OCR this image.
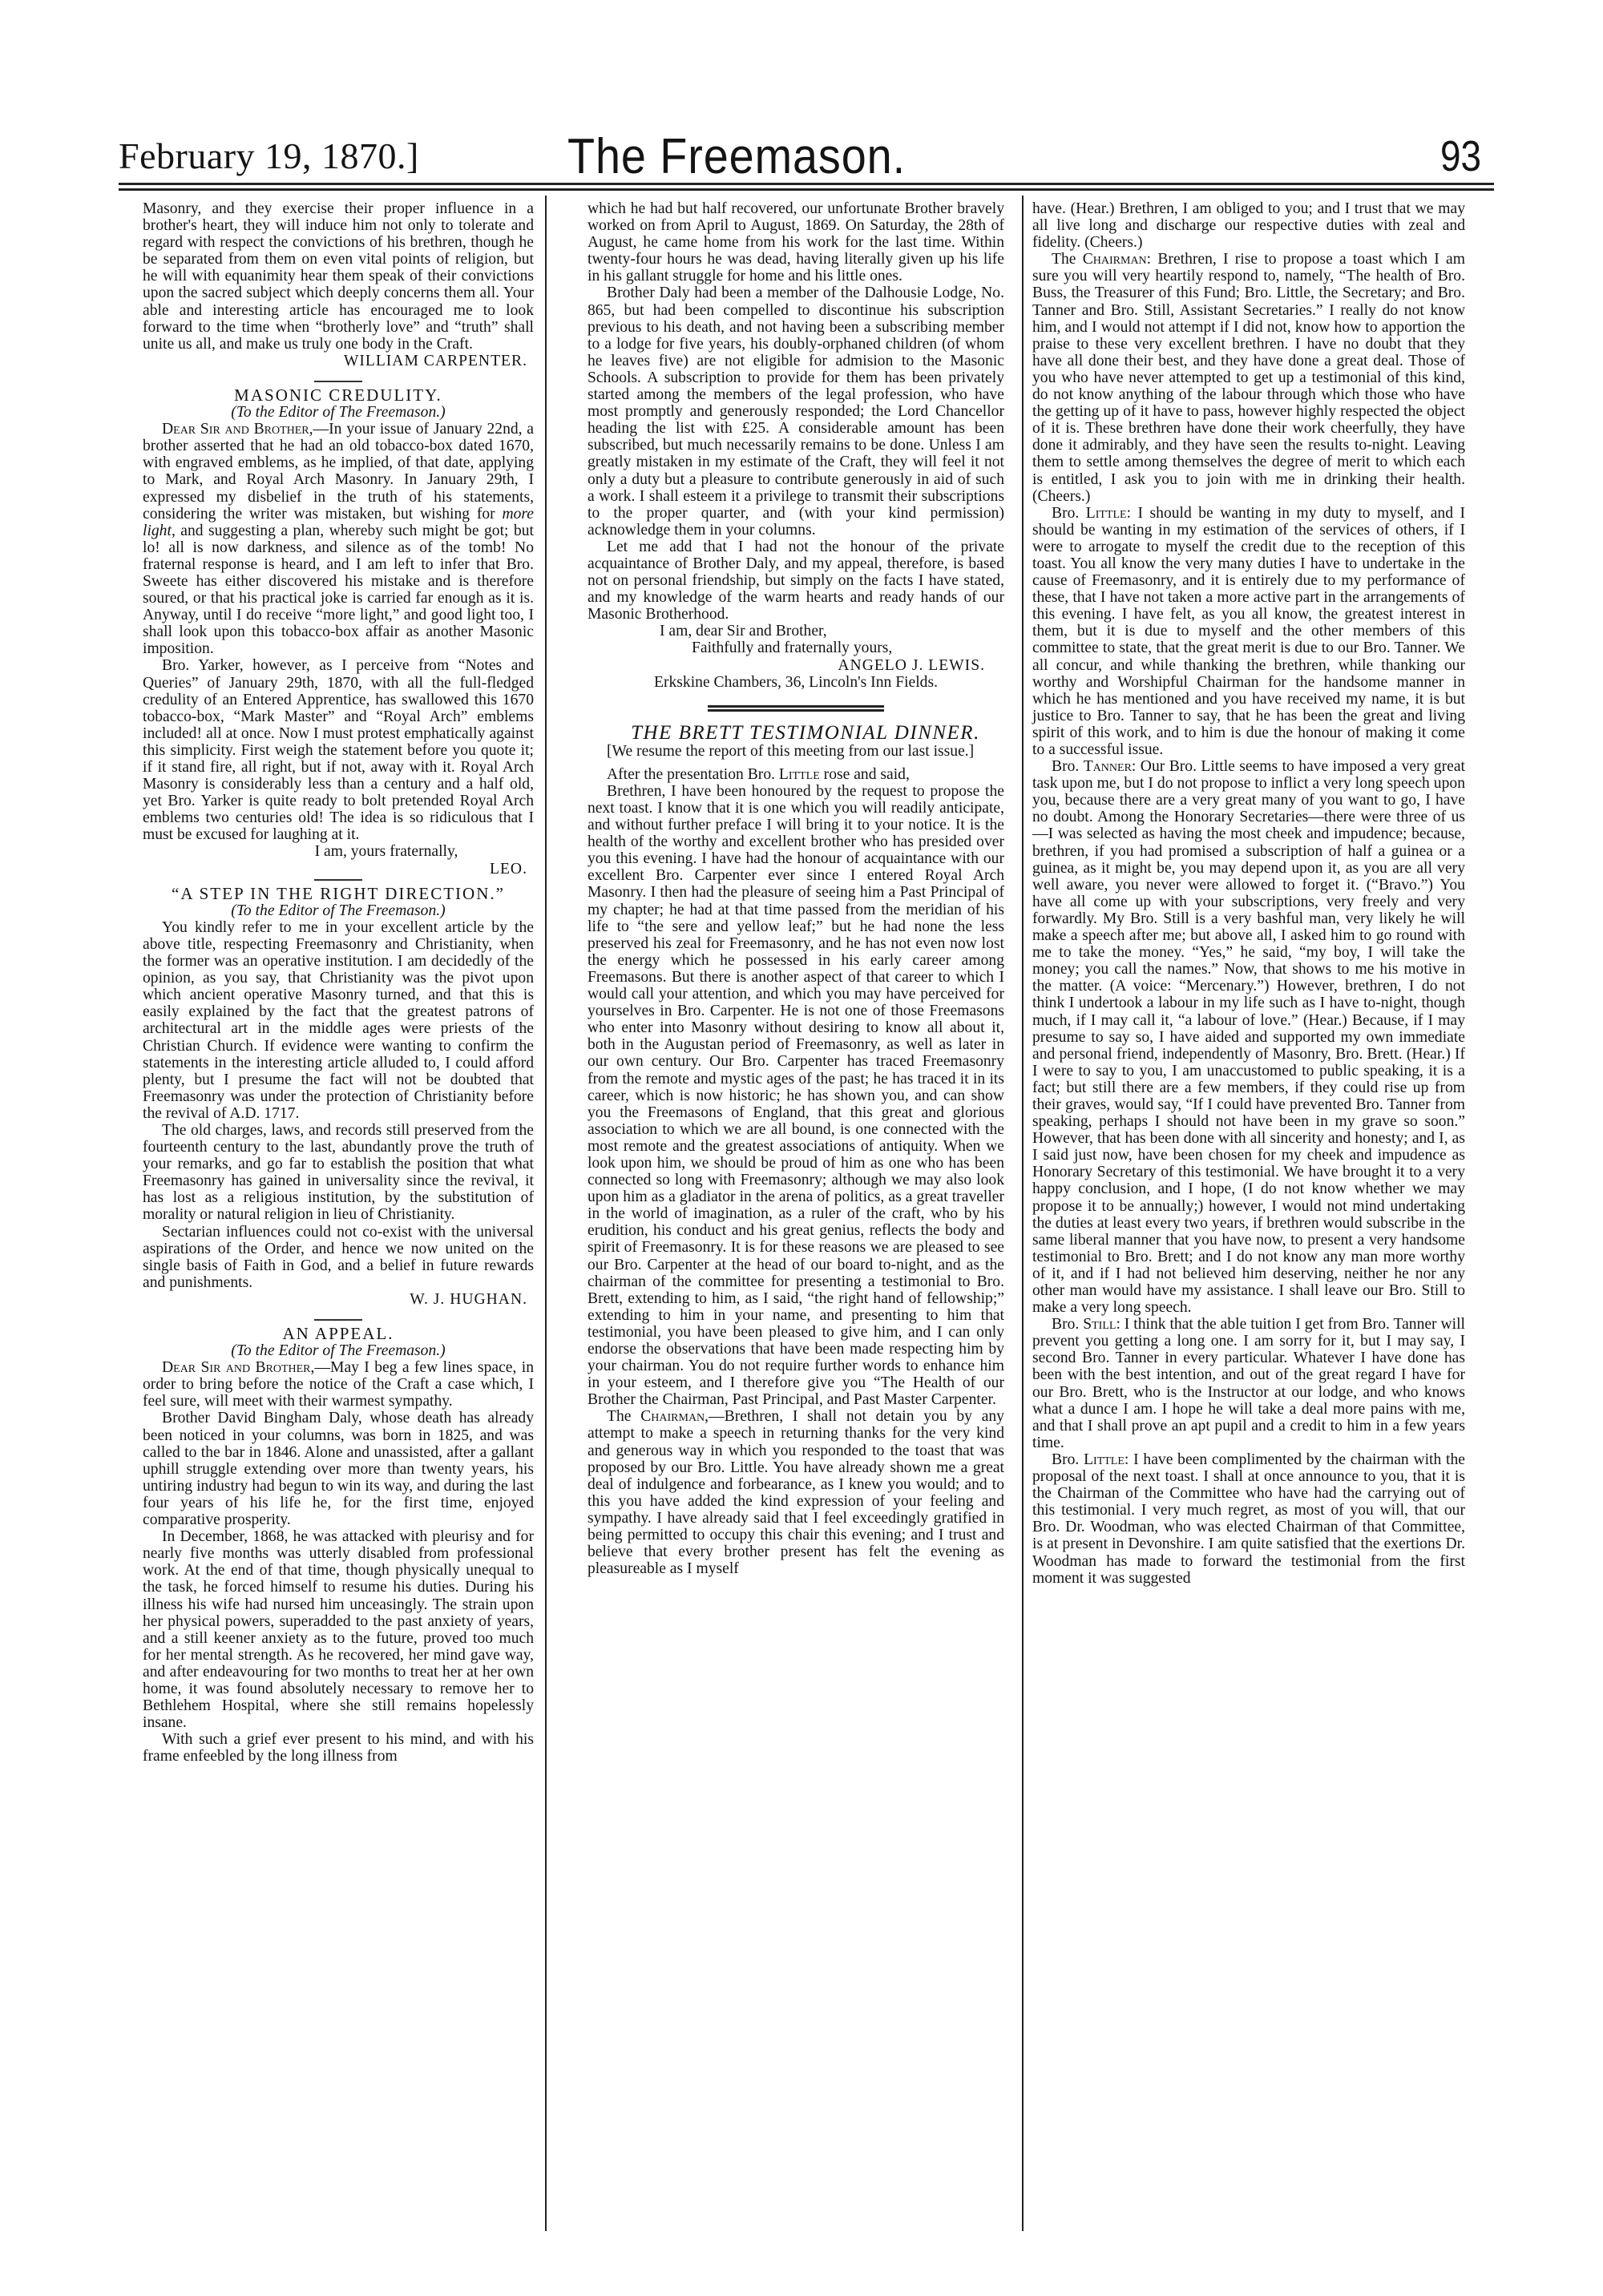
February 19, 1870.]	The Freemason.	93

Masonry, and they exercise their proper influence in a brother's heart, they will induce him not only to tolerate and regard with respect the convictions of his brethren, though he be separated from them on even vital points of religion, but he will with equanimity hear them speak of their convictions upon the sacred subject which deeply concerns them all. Your able and interesting article has encouraged me to look forward to the time when “brotherly love” and “truth” shall unite us all, and make us truly one body in the Craft.

WILLIAM CARPENTER.

MASONIC CREDULITY.

(To the Editor of The Freemason.)

Dear Sir and Brother,—In your issue of January 22nd, a brother asserted that he had an old tobacco-box dated 1670, with engraved emblems, as he implied, of that date, applying to Mark, and Royal Arch Masonry. In January 29th, I expressed my disbelief in the truth of his statements, considering the writer was mistaken, but wishing for more light, and suggesting a plan, whereby such might be got; but lo! all is now darkness, and silence as of the tomb! No fraternal response is heard, and I am left to infer that Bro. Sweete has either discovered his mistake and is therefore soured, or that his practical joke is carried far enough as it is. Anyway, until I do receive “more light,” and good light too, I shall look upon this tobacco-box affair as another Masonic imposition.

Bro. Yarker, however, as I perceive from “Notes and Queries” of January 29th, 1870, with all the full-fledged credulity of an Entered Apprentice, has swallowed this 1670 tobacco-box, “Mark Master” and “Royal Arch” emblems included! all at once. Now I must protest emphatically against this simplicity. First weigh the statement before you quote it; if it stand fire, all right, but if not, away with it. Royal Arch Masonry is considerably less than a century and a half old, yet Bro. Yarker is quite ready to bolt pretended Royal Arch emblems two centuries old! The idea is so ridiculous that I must be excused for laughing at it.

I am, yours fraternally,

LEO.

“A STEP IN THE RIGHT DIRECTION.”

(To the Editor of The Freemason.)

You kindly refer to me in your excellent article by the above title, respecting Freemasonry and Christianity, when the former was an operative institution. I am decidedly of the opinion, as you say, that Christianity was the pivot upon which ancient operative Masonry turned, and that this is easily explained by the fact that the greatest patrons of architectural art in the middle ages were priests of the Christian Church. If evidence were wanting to confirm the statements in the interesting article alluded to, I could afford plenty, but I presume the fact will not be doubted that Freemasonry was under the protection of Christianity before the revival of A.D. 1717.

The old charges, laws, and records still preserved from the fourteenth century to the last, abundantly prove the truth of your remarks, and go far to establish the position that what Freemasonry has gained in universality since the revival, it has lost as a religious institution, by the substitution of morality or natural religion in lieu of Christianity.

Sectarian influences could not co-exist with the universal aspirations of the Order, and hence we now united on the single basis of Faith in God, and a belief in future rewards and punishments.

W. J. HUGHAN.

AN APPEAL.

(To the Editor of The Freemason.)

Dear Sir and Brother,—May I beg a few lines space, in order to bring before the notice of the Craft a case which, I feel sure, will meet with their warmest sympathy.

Brother David Bingham Daly, whose death has already been noticed in your columns, was born in 1825, and was called to the bar in 1846. Alone and unassisted, after a gallant uphill struggle extending over more than twenty years, his untiring industry had begun to win its way, and during the last four years of his life he, for the first time, enjoyed comparative prosperity.

In December, 1868, he was attacked with pleurisy and for nearly five months was utterly disabled from professional work. At the end of that time, though physically unequal to the task, he forced himself to resume his duties. During his illness his wife had nursed him unceasingly. The strain upon her physical powers, superadded to the past anxiety of years, and a still keener anxiety as to the future, proved too much for her mental strength. As he recovered, her mind gave way, and after endeavouring for two months to treat her at her own home, it was found absolutely necessary to remove her to Bethlehem Hospital, where she still remains hopelessly insane.

With such a grief ever present to his mind, and with his frame enfeebled by the long illness from

which he had but half recovered, our unfortunate Brother bravely worked on from April to August, 1869. On Saturday, the 28th of August, he came home from his work for the last time. Within twenty-four hours he was dead, having literally given up his life in his gallant struggle for home and his little ones.

Brother Daly had been a member of the Dalhousie Lodge, No. 865, but had been compelled to discontinue his subscription previous to his death, and not having been a subscribing member to a lodge for five years, his doubly-orphaned children (of whom he leaves five) are not eligible for admision to the Masonic Schools. A subscription to provide for them has been privately started among the members of the legal profession, who have most promptly and generously responded; the Lord Chancellor heading the list with £25. A considerable amount has been subscribed, but much necessarily remains to be done. Unless I am greatly mistaken in my estimate of the Craft, they will feel it not only a duty but a pleasure to contribute generously in aid of such a work. I shall esteem it a privilege to transmit their subscriptions to the proper quarter, and (with your kind permission) acknowledge them in your columns.

Let me add that I had not the honour of the private acquaintance of Brother Daly, and my appeal, therefore, is based not on personal friendship, but simply on the facts I have stated, and my knowledge of the warm hearts and ready hands of our Masonic Brotherhood.

I am, dear Sir and Brother,

Faithfully and fraternally yours,

ANGELO J. LEWIS.

Erkskine Chambers, 36, Lincoln's Inn Fields.

THE BRETT TESTIMONIAL DINNER.

[We resume the report of this meeting from our last issue.]

After the presentation Bro. Little rose and said,

Brethren, I have been honoured by the request to propose the next toast. I know that it is one which you will readily anticipate, and without further preface I will bring it to your notice. It is the health of the worthy and excellent brother who has presided over you this evening. I have had the honour of acquaintance with our excellent Bro. Carpenter ever since I entered Royal Arch Masonry. I then had the pleasure of seeing him a Past Principal of my chapter; he had at that time passed from the meridian of his life to “the sere and yellow leaf;” but he had none the less preserved his zeal for Freemasonry, and he has not even now lost the energy which he possessed in his early career among Freemasons. But there is another aspect of that career to which I would call your attention, and which you may have perceived for yourselves in Bro. Carpenter. He is not one of those Freemasons who enter into Masonry without desiring to know all about it, both in the Augustan period of Freemasonry, as well as later in our own century. Our Bro. Carpenter has traced Freemasonry from the remote and mystic ages of the past; he has traced it in its career, which is now historic; he has shown you, and can show you the Freemasons of England, that this great and glorious association to which we are all bound, is one connected with the most remote and the greatest associations of antiquity. When we look upon him, we should be proud of him as one who has been connected so long with Freemasonry; although we may also look upon him as a gladiator in the arena of politics, as a great traveller in the world of imagination, as a ruler of the craft, who by his erudition, his conduct and his great genius, reflects the body and spirit of Freemasonry. It is for these reasons we are pleased to see our Bro. Carpenter at the head of our board to-night, and as the chairman of the committee for presenting a testimonial to Bro. Brett, extending to him, as I said, “the right hand of fellowship;” extending to him in your name, and presenting to him that testimonial, you have been pleased to give him, and I can only endorse the observations that have been made respecting him by your chairman. You do not require further words to enhance him in your esteem, and I therefore give you “The Health of our Brother the Chairman, Past Principal, and Past Master Carpenter.

The Chairman,—Brethren, I shall not detain you by any attempt to make a speech in returning thanks for the very kind and generous way in which you responded to the toast that was proposed by our Bro. Little. You have already shown me a great deal of indulgence and forbearance, as I knew you would; and to this you have added the kind expression of your feeling and sympathy. I have already said that I feel exceedingly gratified in being permitted to occupy this chair this evening; and I trust and believe that every brother present has felt the evening as pleasureable as I myself

have. (Hear.) Brethren, I am obliged to you; and I trust that we may all live long and discharge our respective duties with zeal and fidelity. (Cheers.)

The Chairman: Brethren, I rise to propose a toast which I am sure you will very heartily respond to, namely, “The health of Bro. Buss, the Treasurer of this Fund; Bro. Little, the Secretary; and Bro. Tanner and Bro. Still, Assistant Secretaries.” I really do not know him, and I would not attempt if I did not, know how to apportion the praise to these very excellent brethren. I have no doubt that they have all done their best, and they have done a great deal. Those of you who have never attempted to get up a testimonial of this kind, do not know anything of the labour through which those who have the getting up of it have to pass, however highly respected the object of it is. These brethren have done their work cheerfully, they have done it admirably, and they have seen the results to-night. Leaving them to settle among themselves the degree of merit to which each is entitled, I ask you to join with me in drinking their health. (Cheers.)

Bro. Little: I should be wanting in my duty to myself, and I should be wanting in my estimation of the services of others, if I were to arrogate to myself the credit due to the reception of this toast. You all know the very many duties I have to undertake in the cause of Freemasonry, and it is entirely due to my performance of these, that I have not taken a more active part in the arrangements of this evening. I have felt, as you all know, the greatest interest in them, but it is due to myself and the other members of this committee to state, that the great merit is due to our Bro. Tanner. We all concur, and while thanking the brethren, while thanking our worthy and Worshipful Chairman for the handsome manner in which he has mentioned and you have received my name, it is but justice to Bro. Tanner to say, that he has been the great and living spirit of this work, and to him is due the honour of making it come to a successful issue.

Bro. Tanner: Our Bro. Little seems to have imposed a very great task upon me, but I do not propose to inflict a very long speech upon you, because there are a very great many of you want to go, I have no doubt. Among the Honorary Secretaries—there were three of us—I was selected as having the most cheek and impudence; because, brethren, if you had promised a subscription of half a guinea or a guinea, as it might be, you may depend upon it, as you are all very well aware, you never were allowed to forget it. (“Bravo.”) You have all come up with your subscriptions, very freely and very forwardly. My Bro. Still is a very bashful man, very likely he will make a speech after me; but above all, I asked him to go round with me to take the money. “Yes,” he said, “my boy, I will take the money; you call the names.” Now, that shows to me his motive in the matter. (A voice: “Mercenary.”) However, brethren, I do not think I undertook a labour in my life such as I have to-night, though much, if I may call it, “a labour of love.” (Hear.) Because, if I may presume to say so, I have aided and supported my own immediate and personal friend, independently of Masonry, Bro. Brett. (Hear.) If I were to say to you, I am unaccustomed to public speaking, it is a fact; but still there are a few members, if they could rise up from their graves, would say, “If I could have prevented Bro. Tanner from speaking, perhaps I should not have been in my grave so soon.” However, that has been done with all sincerity and honesty; and I, as I said just now, have been chosen for my cheek and impudence as Honorary Secretary of this testimonial. We have brought it to a very happy conclusion, and I hope, (I do not know whether we may propose it to be annually;) however, I would not mind undertaking the duties at least every two years, if brethren would subscribe in the same liberal manner that you have now, to present a very handsome testimonial to Bro. Brett; and I do not know any man more worthy of it, and if I had not believed him deserving, neither he nor any other man would have my assistance. I shall leave our Bro. Still to make a very long speech.

Bro. Still: I think that the able tuition I get from Bro. Tanner will prevent you getting a long one. I am sorry for it, but I may say, I second Bro. Tanner in every particular. Whatever I have done has been with the best intention, and out of the great regard I have for our Bro. Brett, who is the Instructor at our lodge, and who knows what a dunce I am. I hope he will take a deal more pains with me, and that I shall prove an apt pupil and a credit to him in a few years time.

Bro. Little: I have been complimented by the chairman with the proposal of the next toast. I shall at once announce to you, that it is the Chairman of the Committee who have had the carrying out of this testimonial. I very much regret, as most of you will, that our Bro. Dr. Woodman, who was elected Chairman of that Committee, is at present in Devonshire. I am quite satisfied that the exertions Dr. Woodman has made to forward the testimonial from the first moment it was suggested
